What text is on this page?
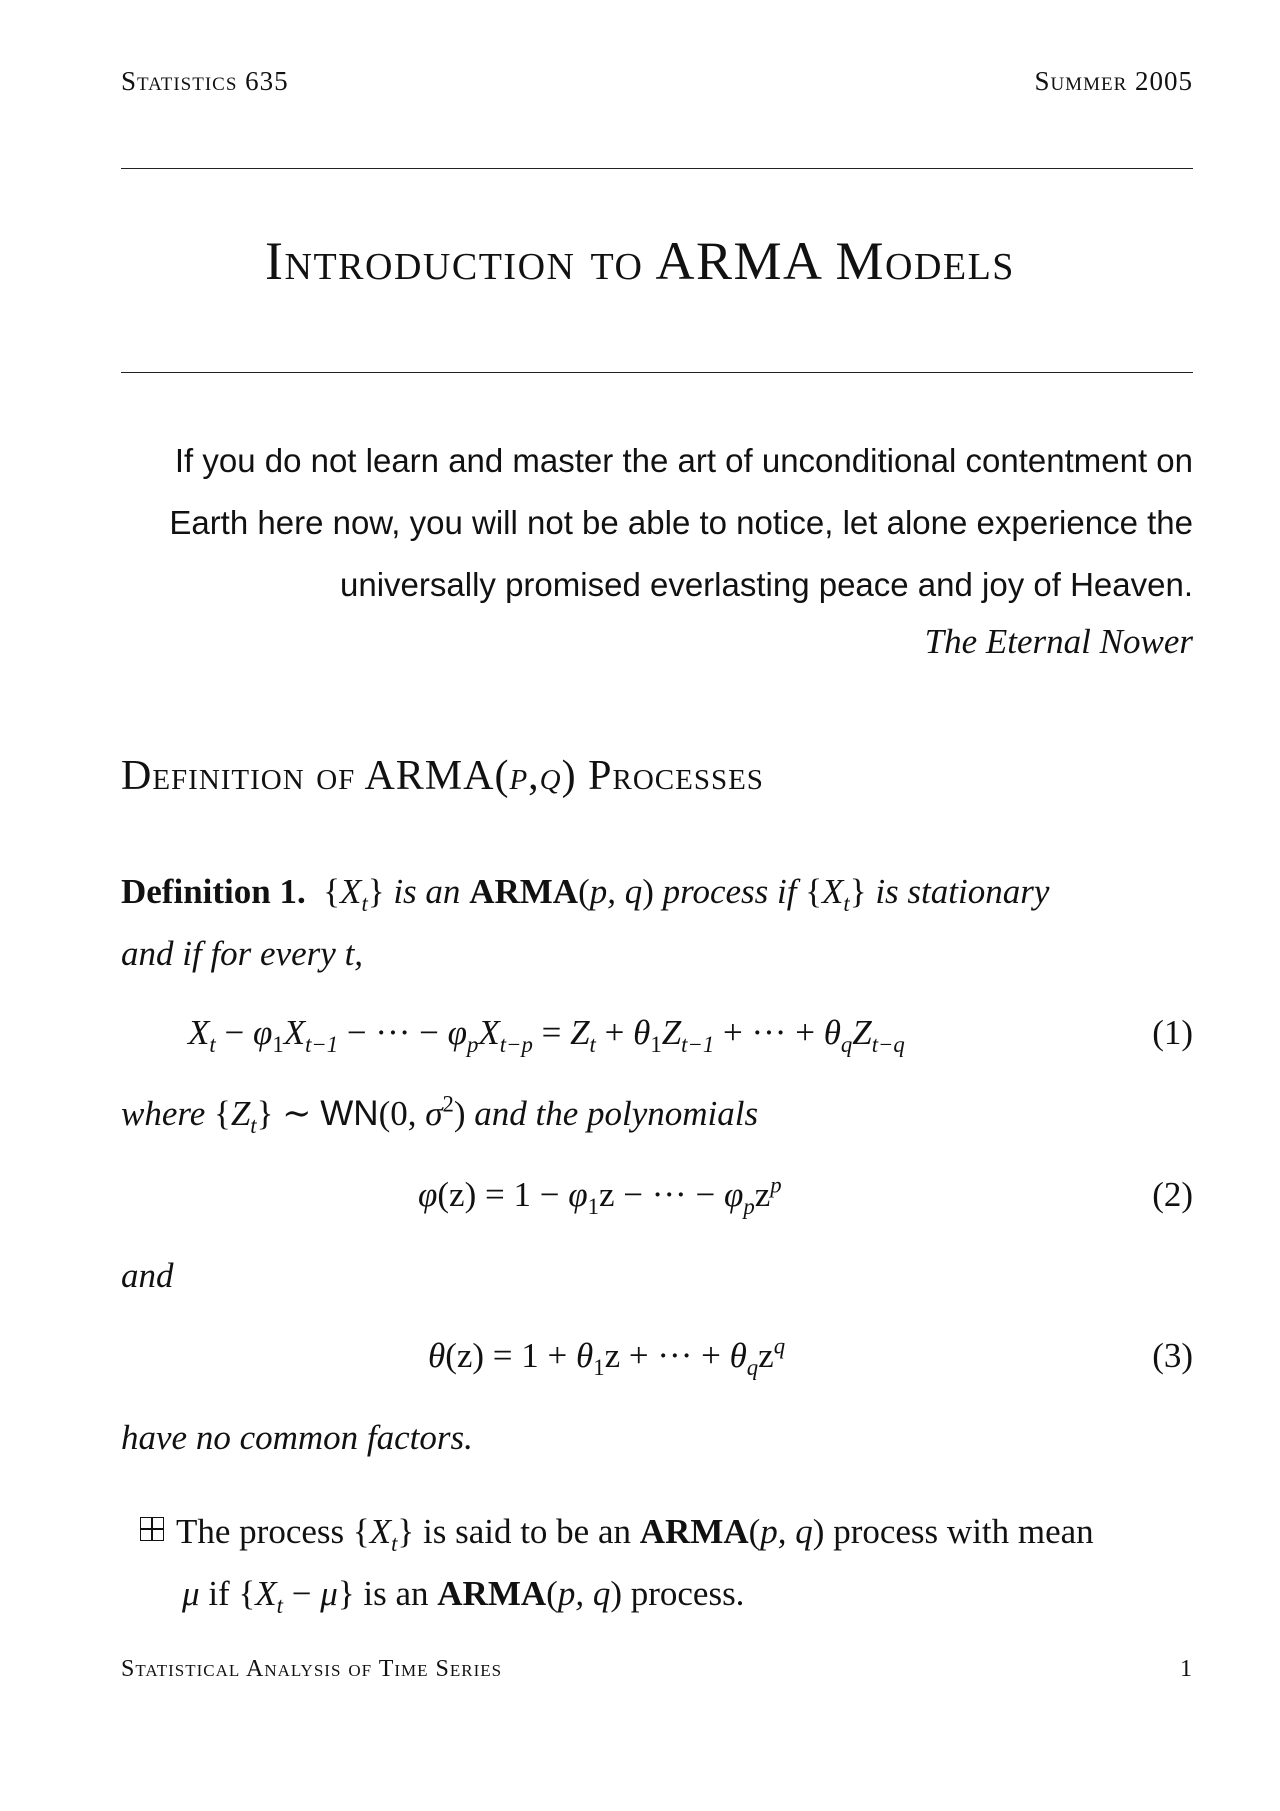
Statistics 635	Summer 2005
Introduction to ARMA Models
If you do not learn and master the art of unconditional contentment on
Earth here now, you will not be able to notice, let alone experience the
universally promised everlasting peace and joy of Heaven.
The Eternal Nower
Definition of ARMA(p,q) Processes
Definition 1. $\{X_t\}$ is an ARMA(p, q) process if $\{X_t\}$ is stationary
and if for every t,
$X_t - \varphi_1X_{t-1}$ − ··· − $\varphi_pX_{t-p} = Z_t + \theta_1Z_{t-1}$ + ··· + $\theta_qZ_{t-q}$	(1)
where $\{Z_t\}$ ∼ WN(0, $\sigma^2$) and the polynomials
$\varphi(z) = 1 - \varphi_1z$ − ··· − $\varphi_pz^p$	(2)
and
$\theta(z) = 1 + \theta_1z$ + ··· + $\theta_qz^q$	(3)
have no common factors.
The process $\{X_t\}$ is said to be an ARMA(p, q) process with mean
μ if $\{X_t - \mu\}$ is an ARMA(p, q) process.
Statistical Analysis of Time Series	1
